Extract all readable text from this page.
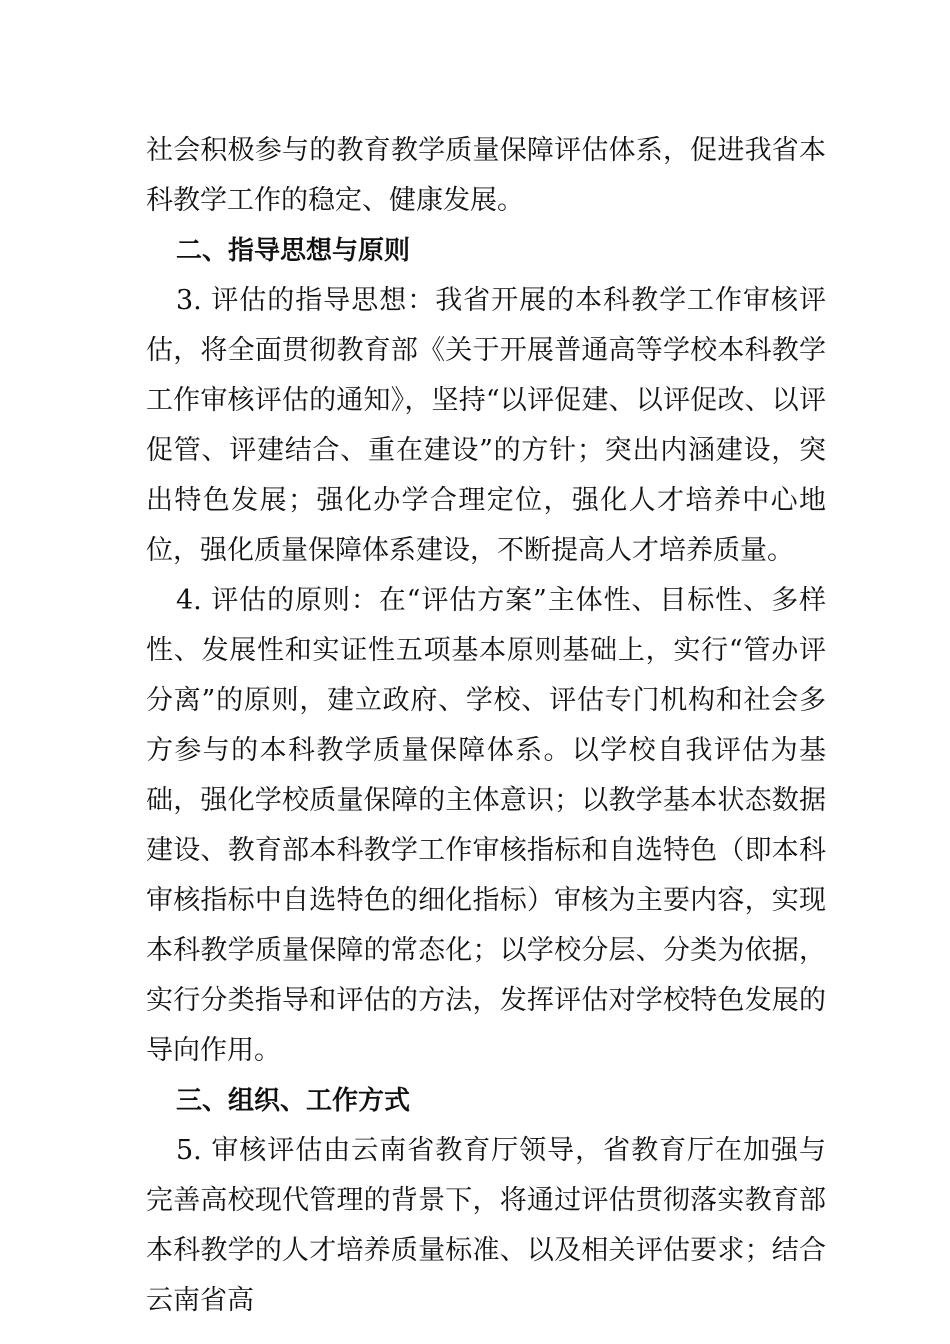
社会积极参与的教育教学质量保障评估体系，促进我省本科教学工作的稳定、健康发展。

二、指导思想与原则

3. 评估的指导思想：我省开展的本科教学工作审核评估，将全面贯彻教育部《关于开展普通高等学校本科教学工作审核评估的通知》，坚持“以评促建、以评促改、以评促管、评建结合、重在建设”的方针；突出内涵建设，突出特色发展；强化办学合理定位，强化人才培养中心地位，强化质量保障体系建设，不断提高人才培养质量。

4. 评估的原则：在“评估方案”主体性、目标性、多样性、发展性和实证性五项基本原则基础上，实行“管办评分离”的原则，建立政府、学校、评估专门机构和社会多方参与的本科教学质量保障体系。以学校自我评估为基础，强化学校质量保障的主体意识；以教学基本状态数据建设、教育部本科教学工作审核指标和自选特色（即本科审核指标中自选特色的细化指标）审核为主要内容，实现本科教学质量保障的常态化；以学校分层、分类为依据，实行分类指导和评估的方法，发挥评估对学校特色发展的导向作用。

三、组织、工作方式

5. 审核评估由云南省教育厅领导，省教育厅在加强与完善高校现代管理的背景下，将通过评估贯彻落实教育部本科教学的人才培养质量标准、以及相关评估要求；结合云南省高
